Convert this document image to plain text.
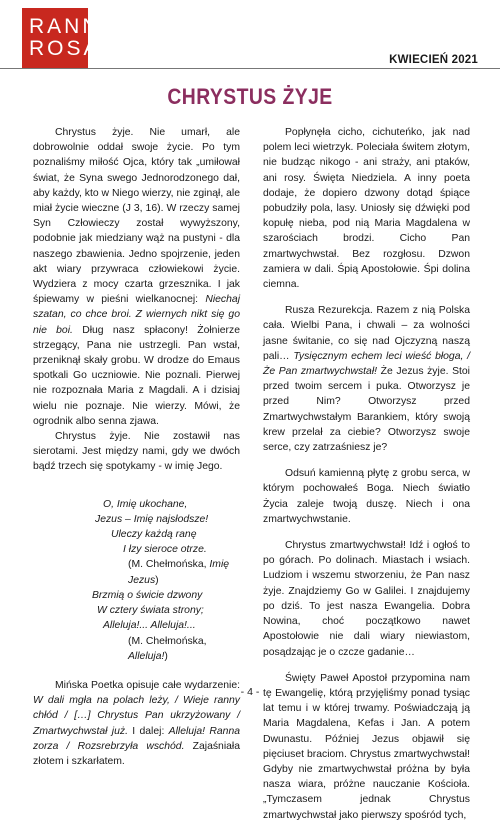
RANNA
ROSA	KWIECIEŃ 2021
CHRYSTUS ŻYJE

Chrystus żyje. Nie umarł, ale dobrowolnie oddał swoje życie. Po tym poznaliśmy miłość Ojca, który tak „umiłował świat, że Syna swego Jednorodzonego dał, aby każdy, kto w Niego wierzy, nie zginął, ale miał życie wieczne (J 3, 16). W rzeczy samej Syn Człowieczy został wywyższony, podobnie jak miedziany wąż na pustyni - dla naszego zbawienia. Jedno spojrzenie, jeden akt wiary przywraca człowiekowi życie. Wydziera z mocy czarta grzesznika. I jak śpiewamy w pieśni wielkanocnej: Niechaj szatan, co chce broi. Z wiernych nikt się go nie boi. Dług nasz spłacony! Żołnierze strzegący, Pana nie ustrzegli. Pan wstał, przeniknął skały grobu. W drodze do Emaus spotkali Go uczniowie. Nie poznali. Pierwej nie rozpoznała Maria z Magdali. A i dzisiaj wielu nie poznaje. Nie wierzy. Mówi, że ogrodnik albo senna zjawa.

Chrystus żyje. Nie zostawił nas sierotami. Jest między nami, gdy we dwóch bądź trzech się spotykamy - w imię Jego.

O, Imię ukochane,
Jezus – Imię najsłodsze!
Uleczy każdą ranę
I łzy sieroce otrze.
(M. Chełmońska, Imię Jezus)
Brzmią o świcie dzwony
W cztery świata strony;
Alleluja!... Alleluja!...
(M. Chełmońska, Alleluja!)

Mińska Poetka opisuje całe wydarzenie: W dali mgła na polach leży, / Wieje ranny chłód / […] Chrystus Pan ukrzyżowany / Zmartwychwstał już. I dalej: Alleluja! Ranna zorza / Rozsrebrzyła wschód. Zajaśniała złotem i szkarłatem.

Popłynęła cicho, cichuteńko, jak nad polem leci wietrzyk. Poleciała świtem złotym, nie budząc nikogo - ani straży, ani ptaków, ani rosy. Święta Niedziela. A inny poeta dodaje, że dopiero dzwony dotąd śpiące pobudziły pola, lasy. Uniosły się dźwięki pod kopułę nieba, pod nią Maria Magdalena w szarościach brodzi. Cicho Pan zmartwychwstał. Bez rozgłosu. Dzwon zamiera w dali. Śpią Apostołowie. Śpi dolina ciemna.

Rusza Rezurekcja. Razem z nią Polska cała. Wielbi Pana, i chwali – za wolności jasne świtanie, co się nad Ojczyzną naszą pali… Tysięcznym echem leci wieść błoga, / Że Pan zmartwychwstał! Że Jezus żyje. Stoi przed twoim sercem i puka. Otworzysz je przed Nim? Otworzysz przed Zmartwychwstałym Barankiem, który swoją krew przelał za ciebie? Otworzysz swoje serce, czy zatrzaśniesz je?

Odsuń kamienną płytę z grobu serca, w którym pochowałeś Boga. Niech światło Życia zaleje twoją duszę. Niech i ona zmartwychwstanie.

Chrystus zmartwychwstał! Idź i ogłoś to po górach. Po dolinach. Miastach i wsiach. Ludziom i wszemu stworzeniu, że Pan nasz żyje. Znajdziemy Go w Galilei. I znajdujemy po dziś. To jest nasza Ewangelia. Dobra Nowina, choć początkowo nawet Apostołowie nie dali wiary niewiastom, posądzając je o czcze gadanie…

Święty Paweł Apostoł przypomina nam tę Ewangelię, którą przyjęliśmy ponad tysiąc lat temu i w której trwamy. Poświadczają ją Maria Magdalena, Kefas i Jan. A potem Dwunastu. Później Jezus objawił się pięciuset braciom. Chrystus zmartwychwstał! Gdyby nie zmartwychwstał próżna by była nasza wiara, próżne nauczanie Kościoła. „Tymczasem jednak Chrystus zmartwychwstał jako pierwszy spośród tych,

- 4 -
